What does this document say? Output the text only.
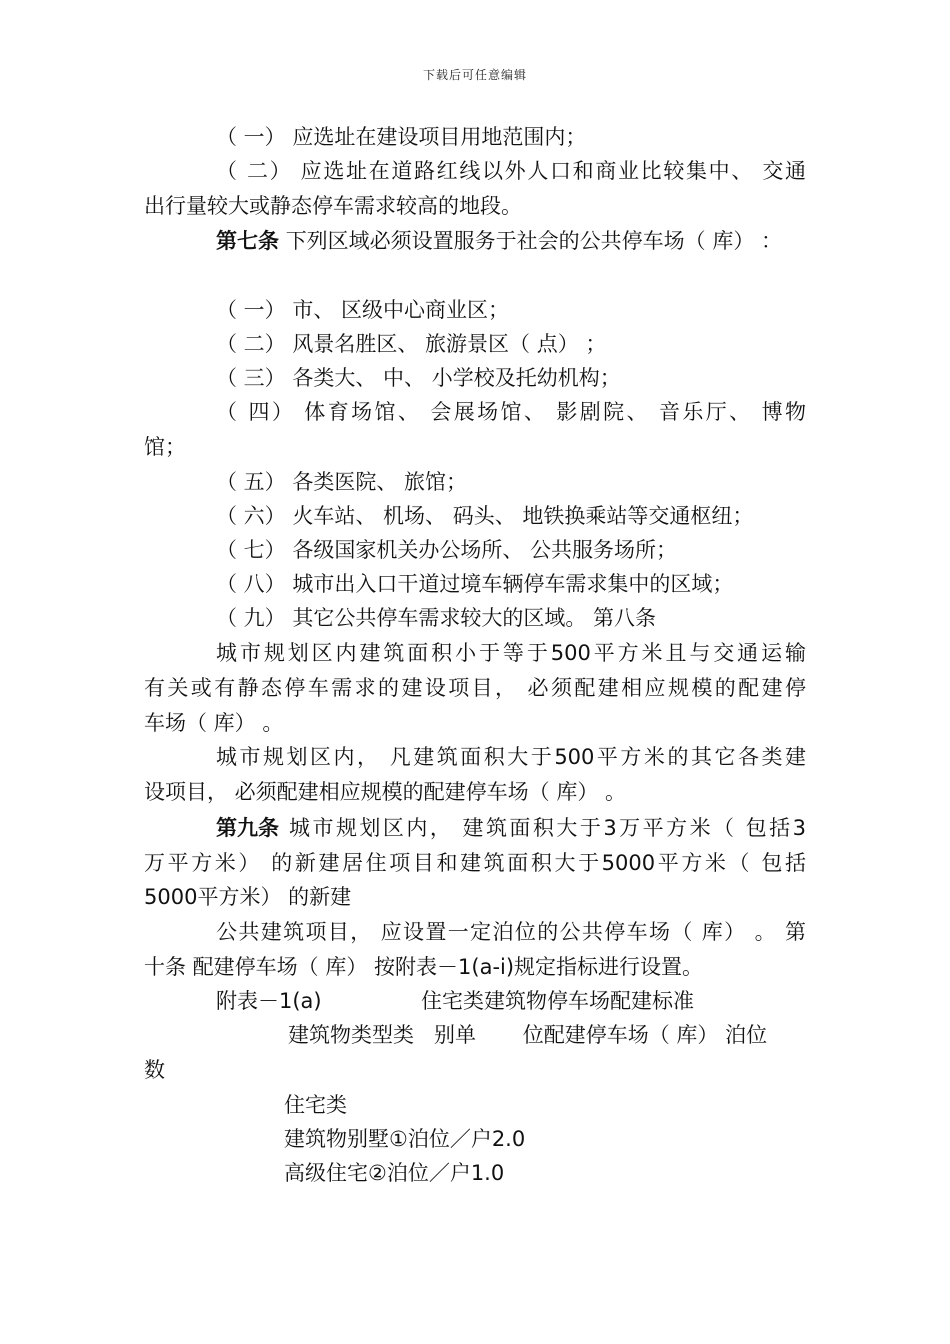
下载后可任意编辑
（ 一） 应选址在建设项目用地范围内；
（ 二） 应选址在道路红线以外人口和商业比较集中、 交通
出行量较大或静态停车需求较高的地段。
第七条 下列区域必须设置服务于社会的公共停车场（ 库） ：
（ 一） 市、 区级中心商业区；
（ 二） 风景名胜区、 旅游景区（ 点） ；
（ 三） 各类大、 中、 小学校及托幼机构；
（ 四） 体育场馆、 会展场馆、 影剧院、 音乐厅、 博物
馆；
（ 五） 各类医院、 旅馆；
（ 六） 火车站、 机场、 码头、 地铁换乘站等交通枢纽；
（ 七） 各级国家机关办公场所、 公共服务场所；
（ 八） 城市出入口干道过境车辆停车需求集中的区域；
（ 九） 其它公共停车需求较大的区域。 第八条
城市规划区内建筑面积小于等于500平方米且与交通运输
有关或有静态停车需求的建设项目， 必须配建相应规模的配建停
车场（ 库） 。
城市规划区内， 凡建筑面积大于500平方米的其它各类建
设项目， 必须配建相应规模的配建停车场（ 库） 。
第九条 城市规划区内， 建筑面积大于3万平方米（ 包括3
万平方米） 的新建居住项目和建筑面积大于5000平方米（ 包括
5000平方米） 的新建
公共建筑项目， 应设置一定泊位的公共停车场（ 库） 。 第
十条 配建停车场（ 库） 按附表－1(a-i)规定指标进行设置。
附表－1(a)	住宅类建筑物停车场配建标准
建筑物类型类   别单       位配建停车场（ 库） 泊位
数
住宅类
建筑物别墅①泊位／户2.0
高级住宅②泊位／户1.0
